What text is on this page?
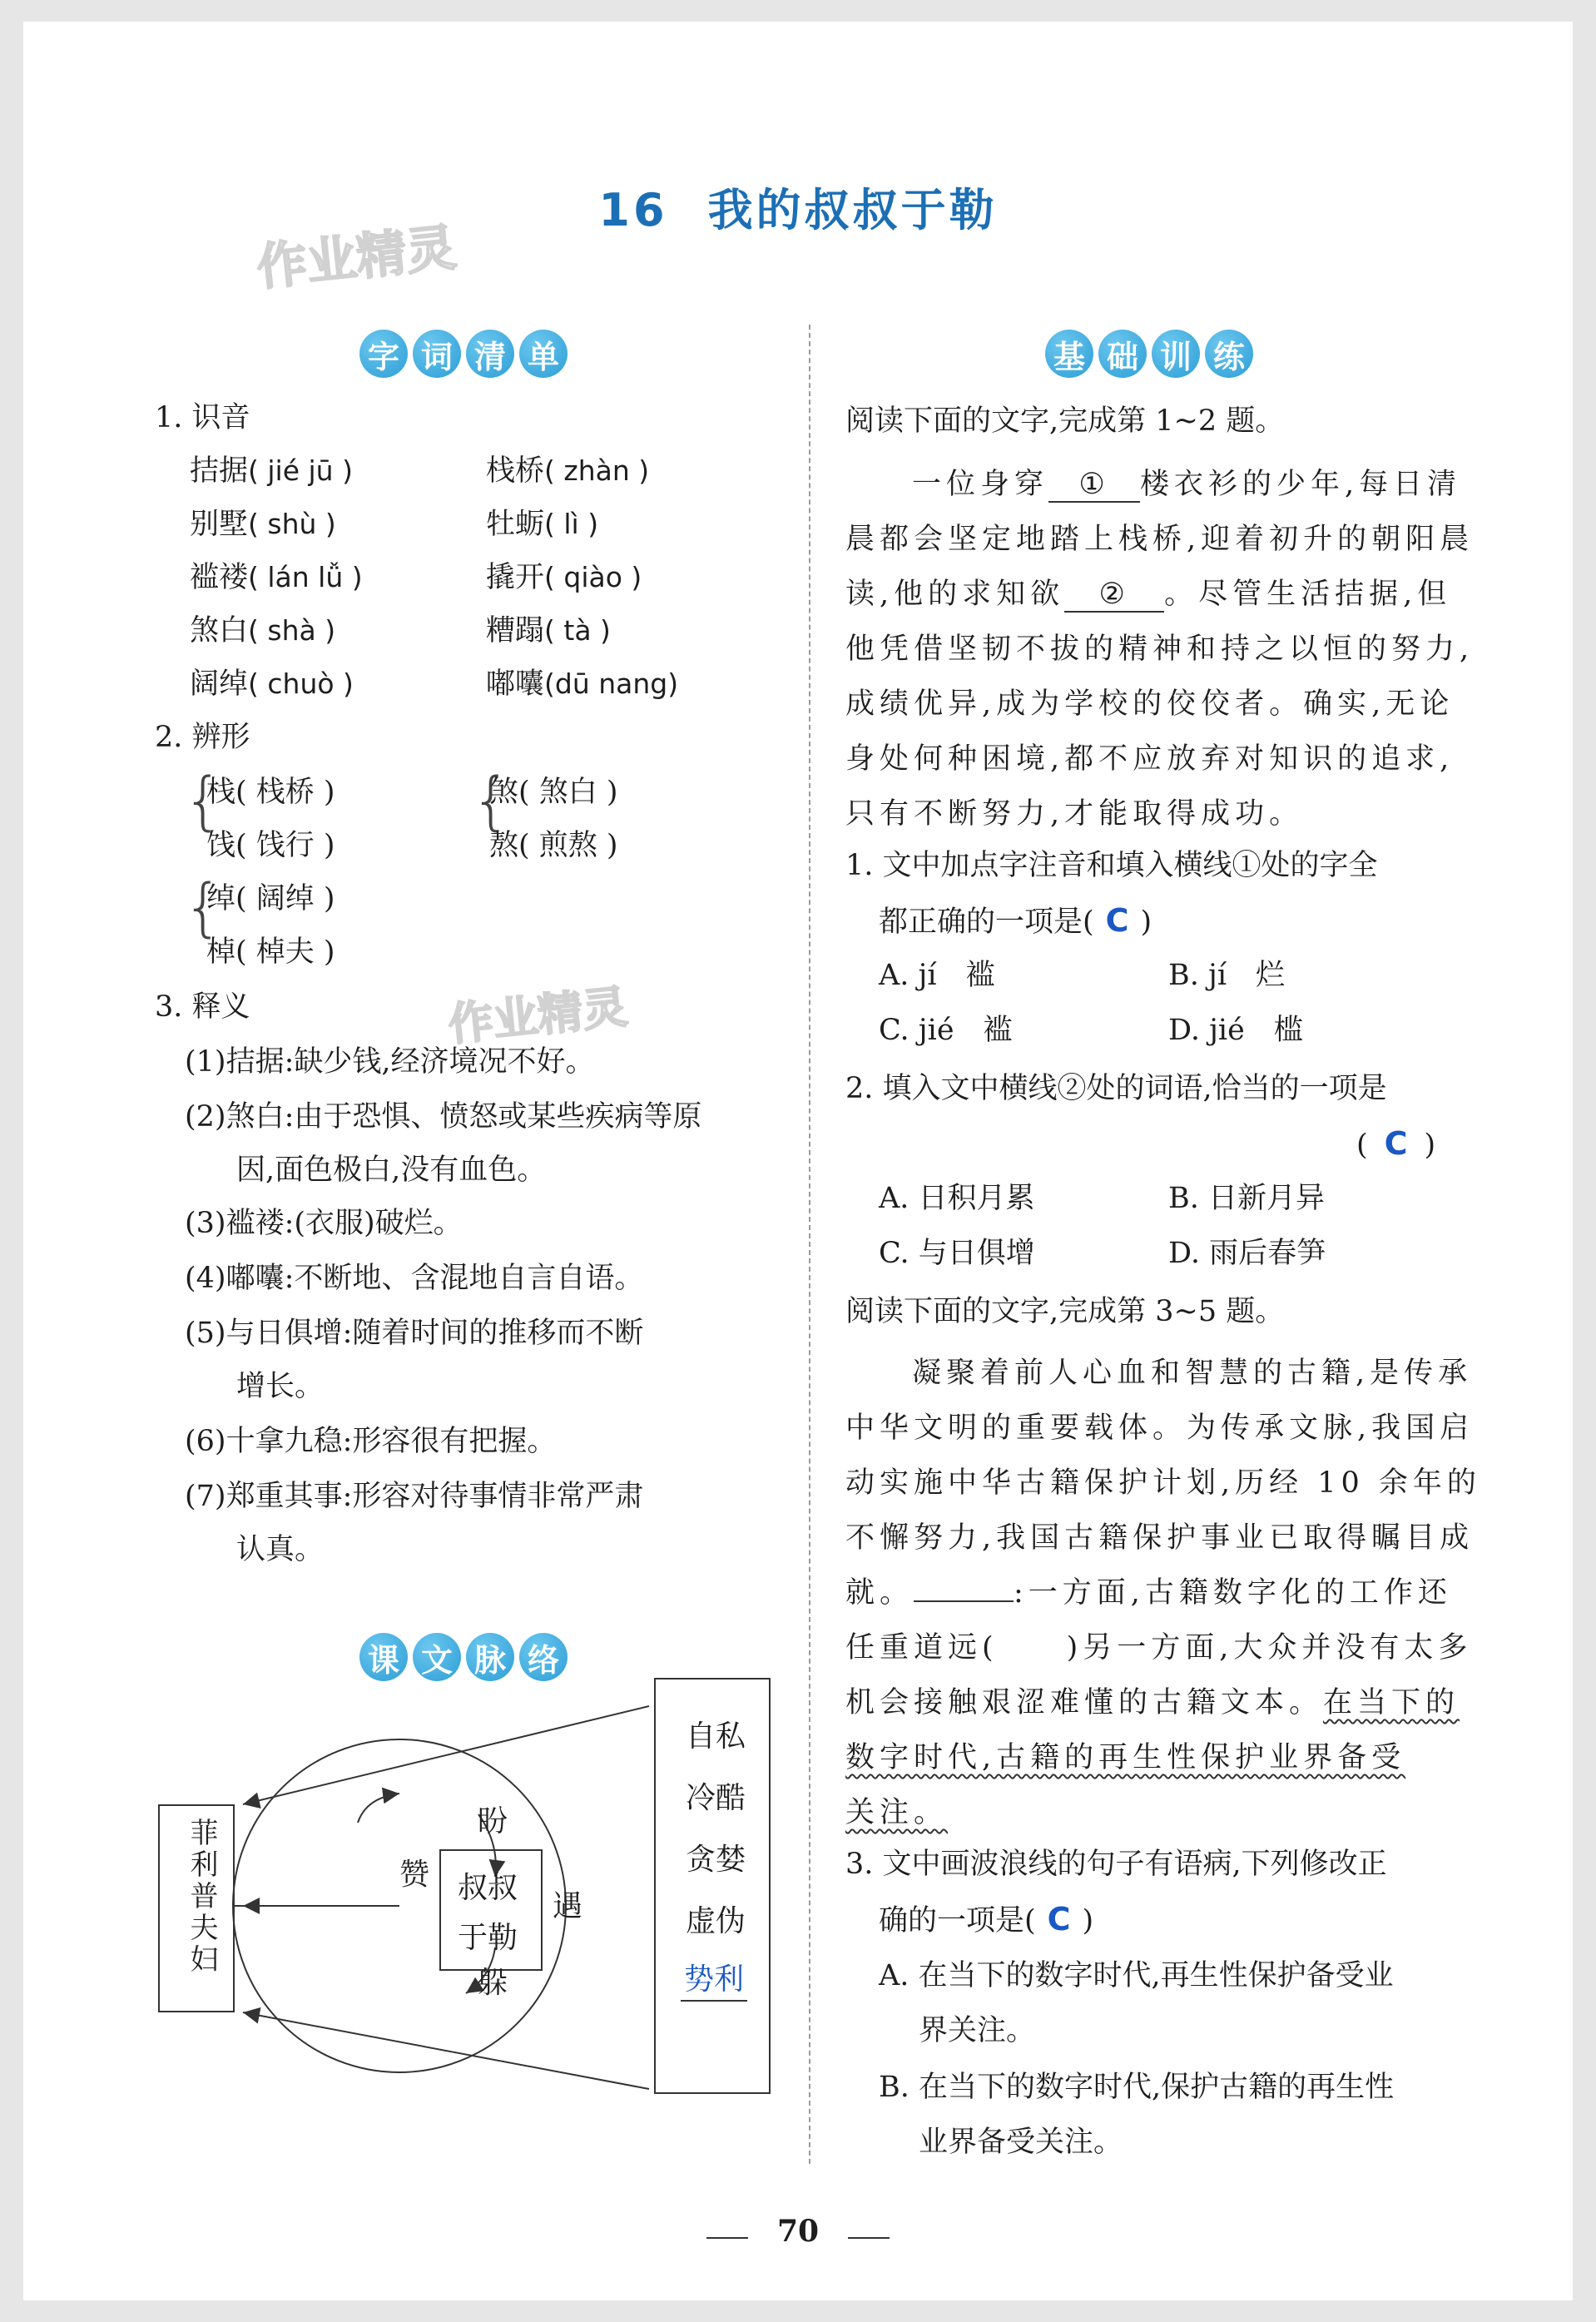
16 我的叔叔于勒
作业精灵
作业精灵
字 词 清 单
1. 识音
拮据( jié jū )	栈桥( zhàn )
别墅( shù )	牡蛎( lì )
褴褛( lán lǚ )	撬开( qiào )
煞白( shà )	糟蹋( tà )
阔绰( chuò )	嘟囔(dū nang)
2. 辨形
{
栈( 栈桥 )
饯( 饯行 )
{
煞( 煞白 )
熬( 煎熬 )
{
绰( 阔绰 )
棹( 棹夫 )
3. 释义
(1)拮据:缺少钱,经济境况不好。
(2)煞白:由于恐惧、愤怒或某些疾病等原
因,面色极白,没有血色。
(3)褴褛:(衣服)破烂。
(4)嘟囔:不断地、含混地自言自语。
(5)与日俱增:随着时间的推移而不断
增长。
(6)十拿九稳:形容很有把握。
(7)郑重其事:形容对待事情非常严肃
认真。
课 文 脉 络
菲利普夫妇	叔叔
于勒
盼
遇
躲
赞
自私
冷酷
贪婪
虚伪
势利
基 础 训 练
阅读下面的文字,完成第 1~2 题。
一位身穿 ① 楼衣衫的少年,每日清
晨都会坚定地踏上栈桥,迎着初升的朝阳晨
读,他的求知欲 ② 。尽管生活拮据,但
他凭借坚韧不拔的精神和持之以恒的努力,
成绩优异,成为学校的佼佼者。确实,无论
身处何种困境,都不应放弃对知识的追求,
只有不断努力,才能取得成功。
1. 文中加点字注音和填入横线①处的字全
都正确的一项是( C )
A. jí　褴	B. jí　烂
C. jié　褴	D. jié　槛
2. 填入文中横线②处的词语,恰当的一项是
( C )
A. 日积月累	B. 日新月异
C. 与日俱增	D. 雨后春笋
阅读下面的文字,完成第 3~5 题。
凝聚着前人心血和智慧的古籍,是传承
中华文明的重要载体。为传承文脉,我国启
动实施中华古籍保护计划,历经 10 余年的
不懈努力,我国古籍保护事业已取得瞩目成
就。	:一方面,古籍数字化的工作还
任重道远(　　)另一方面,大众并没有太多
机会接触艰涩难懂的古籍文本。在当下的
数字时代,古籍的再生性保护业界备受
关注。
3. 文中画波浪线的句子有语病,下列修改正
确的一项是( C )
A. 在当下的数字时代,再生性保护备受业
界关注。
B. 在当下的数字时代,保护古籍的再生性
业界备受关注。
70
